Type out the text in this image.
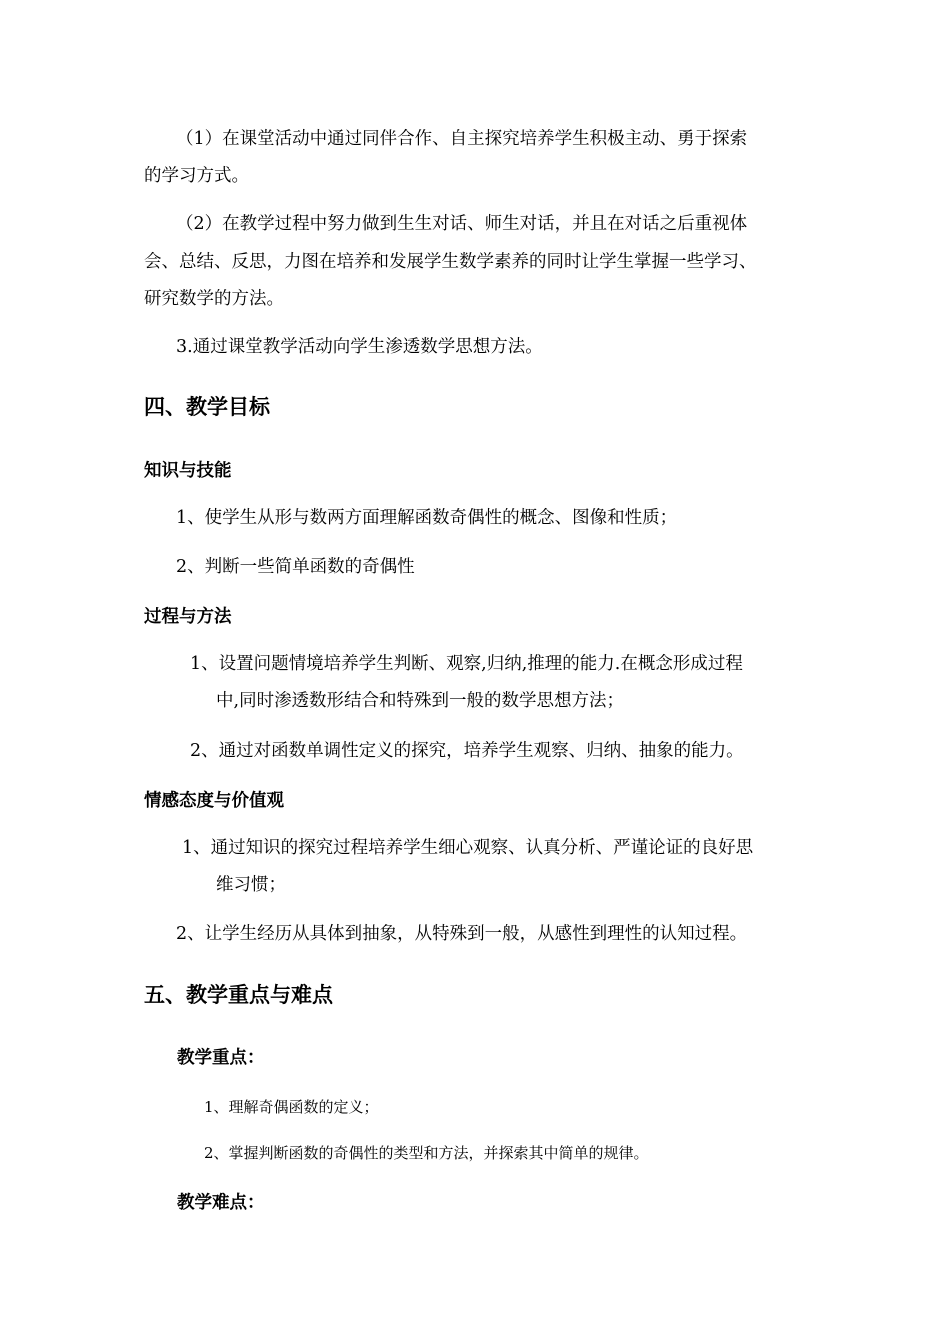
（1）在课堂活动中通过同伴合作、自主探究培养学生积极主动、勇于探索
的学习方式。
（2）在教学过程中努力做到生生对话、师生对话，并且在对话之后重视体
会、总结、反思，力图在培养和发展学生数学素养的同时让学生掌握一些学习、
研究数学的方法。
3.通过课堂教学活动向学生渗透数学思想方法。
四、教学目标
知识与技能
1、使学生从形与数两方面理解函数奇偶性的概念、图像和性质；
2、判断一些简单函数的奇偶性
过程与方法
1、设置问题情境培养学生判断、观察,归纳,推理的能力.在概念形成过程
中,同时渗透数形结合和特殊到一般的数学思想方法；
2、通过对函数单调性定义的探究，培养学生观察、归纳、抽象的能力。
情感态度与价值观
1、通过知识的探究过程培养学生细心观察、认真分析、严谨论证的良好思
维习惯；
2、让学生经历从具体到抽象，从特殊到一般，从感性到理性的认知过程。
五、教学重点与难点
教学重点：
1、理解奇偶函数的定义；
2、掌握判断函数的奇偶性的类型和方法，并探索其中简单的规律。
教学难点：
